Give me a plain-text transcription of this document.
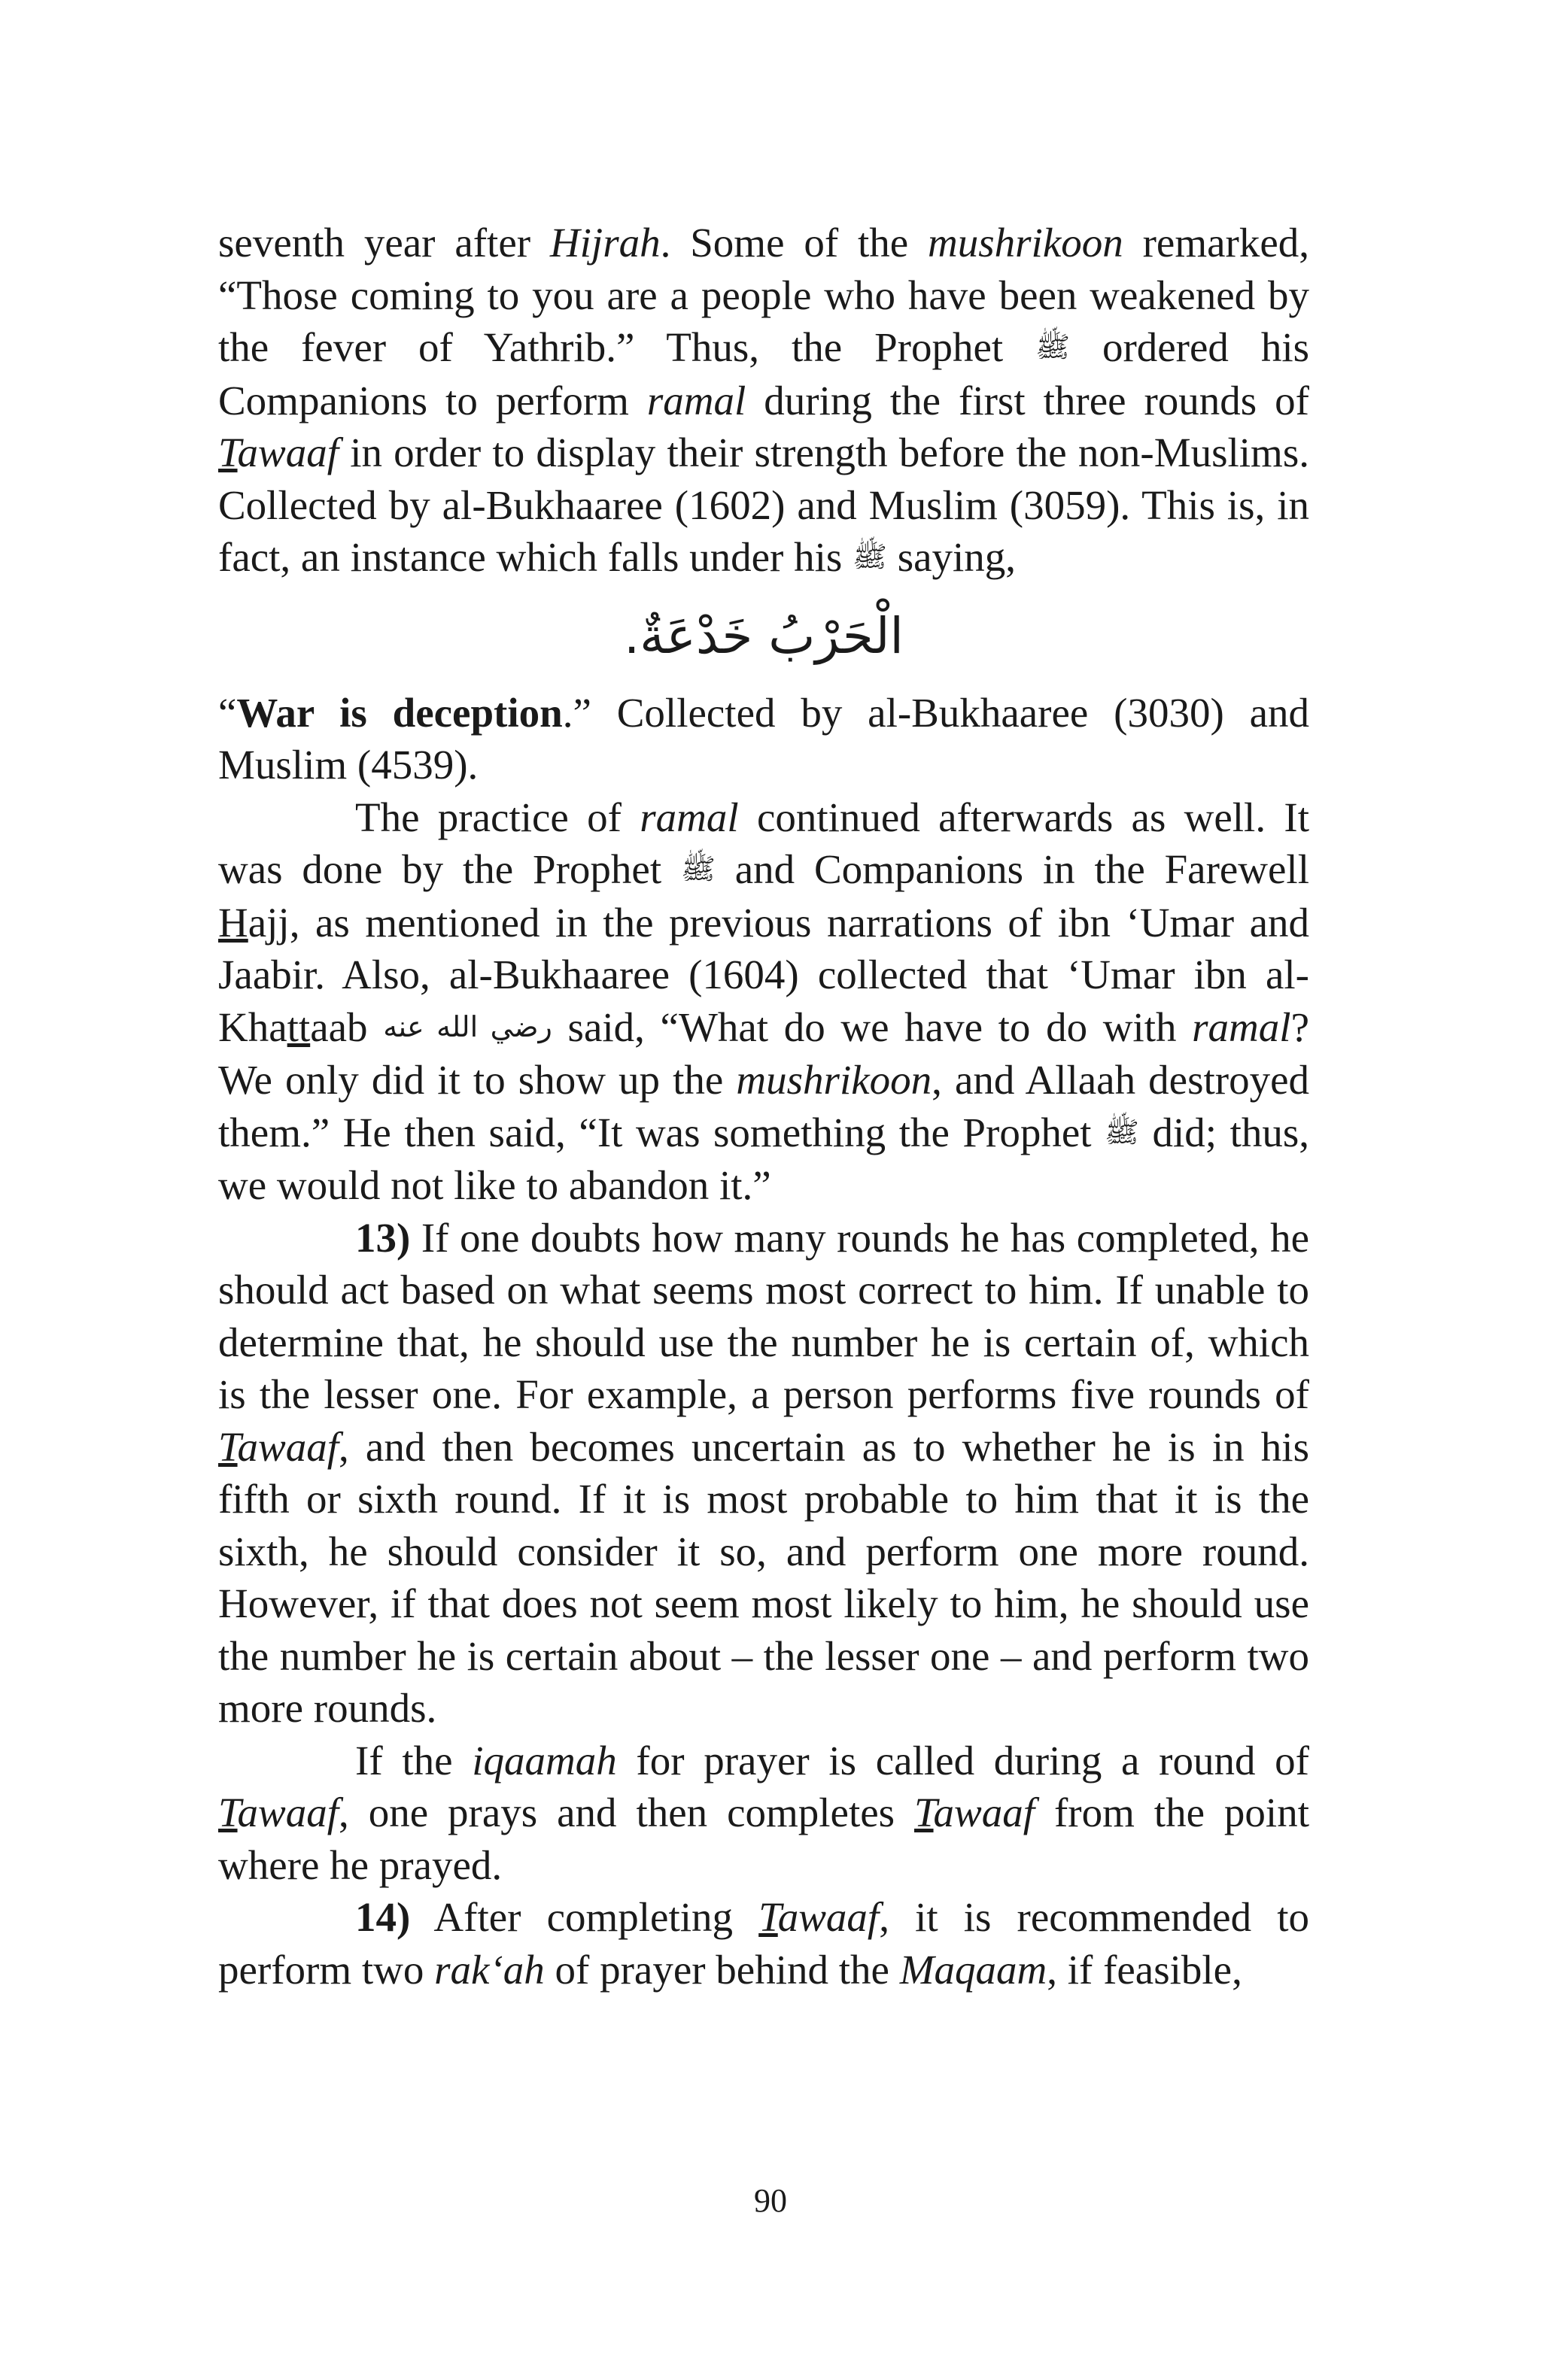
seventh year after Hijrah. Some of the mushrikoon remarked, “Those coming to you are a people who have been weakened by the fever of Yathrib.” Thus, the Prophet ﷺ ordered his Companions to perform ramal during the first three rounds of Tawaaf in order to display their strength before the non-Muslims. Collected by al-Bukhaaree (1602) and Muslim (3059). This is, in fact, an instance which falls under his ﷺ saying,

الْحَرْبُ خَدْعَةٌ.

“War is deception.” Collected by al-Bukhaaree (3030) and Muslim (4539).

The practice of ramal continued afterwards as well. It was done by the Prophet ﷺ and Companions in the Farewell Hajj, as mentioned in the previous narrations of ibn ‘Umar and Jaabir. Also, al-Bukhaaree (1604) collected that ‘Umar ibn al-Khattaab رضي الله عنه said, “What do we have to do with ramal? We only did it to show up the mushrikoon, and Allaah destroyed them.” He then said, “It was something the Prophet ﷺ did; thus, we would not like to abandon it.”

13) If one doubts how many rounds he has completed, he should act based on what seems most correct to him. If unable to determine that, he should use the number he is certain of, which is the lesser one. For example, a person performs five rounds of Tawaaf, and then becomes uncertain as to whether he is in his fifth or sixth round. If it is most probable to him that it is the sixth, he should consider it so, and perform one more round. However, if that does not seem most likely to him, he should use the number he is certain about – the lesser one – and perform two more rounds.

If the iqaamah for prayer is called during a round of Tawaaf, one prays and then completes Tawaaf from the point where he prayed.

14) After completing Tawaaf, it is recommended to perform two rak‘ah of prayer behind the Maqaam, if feasible,

90
